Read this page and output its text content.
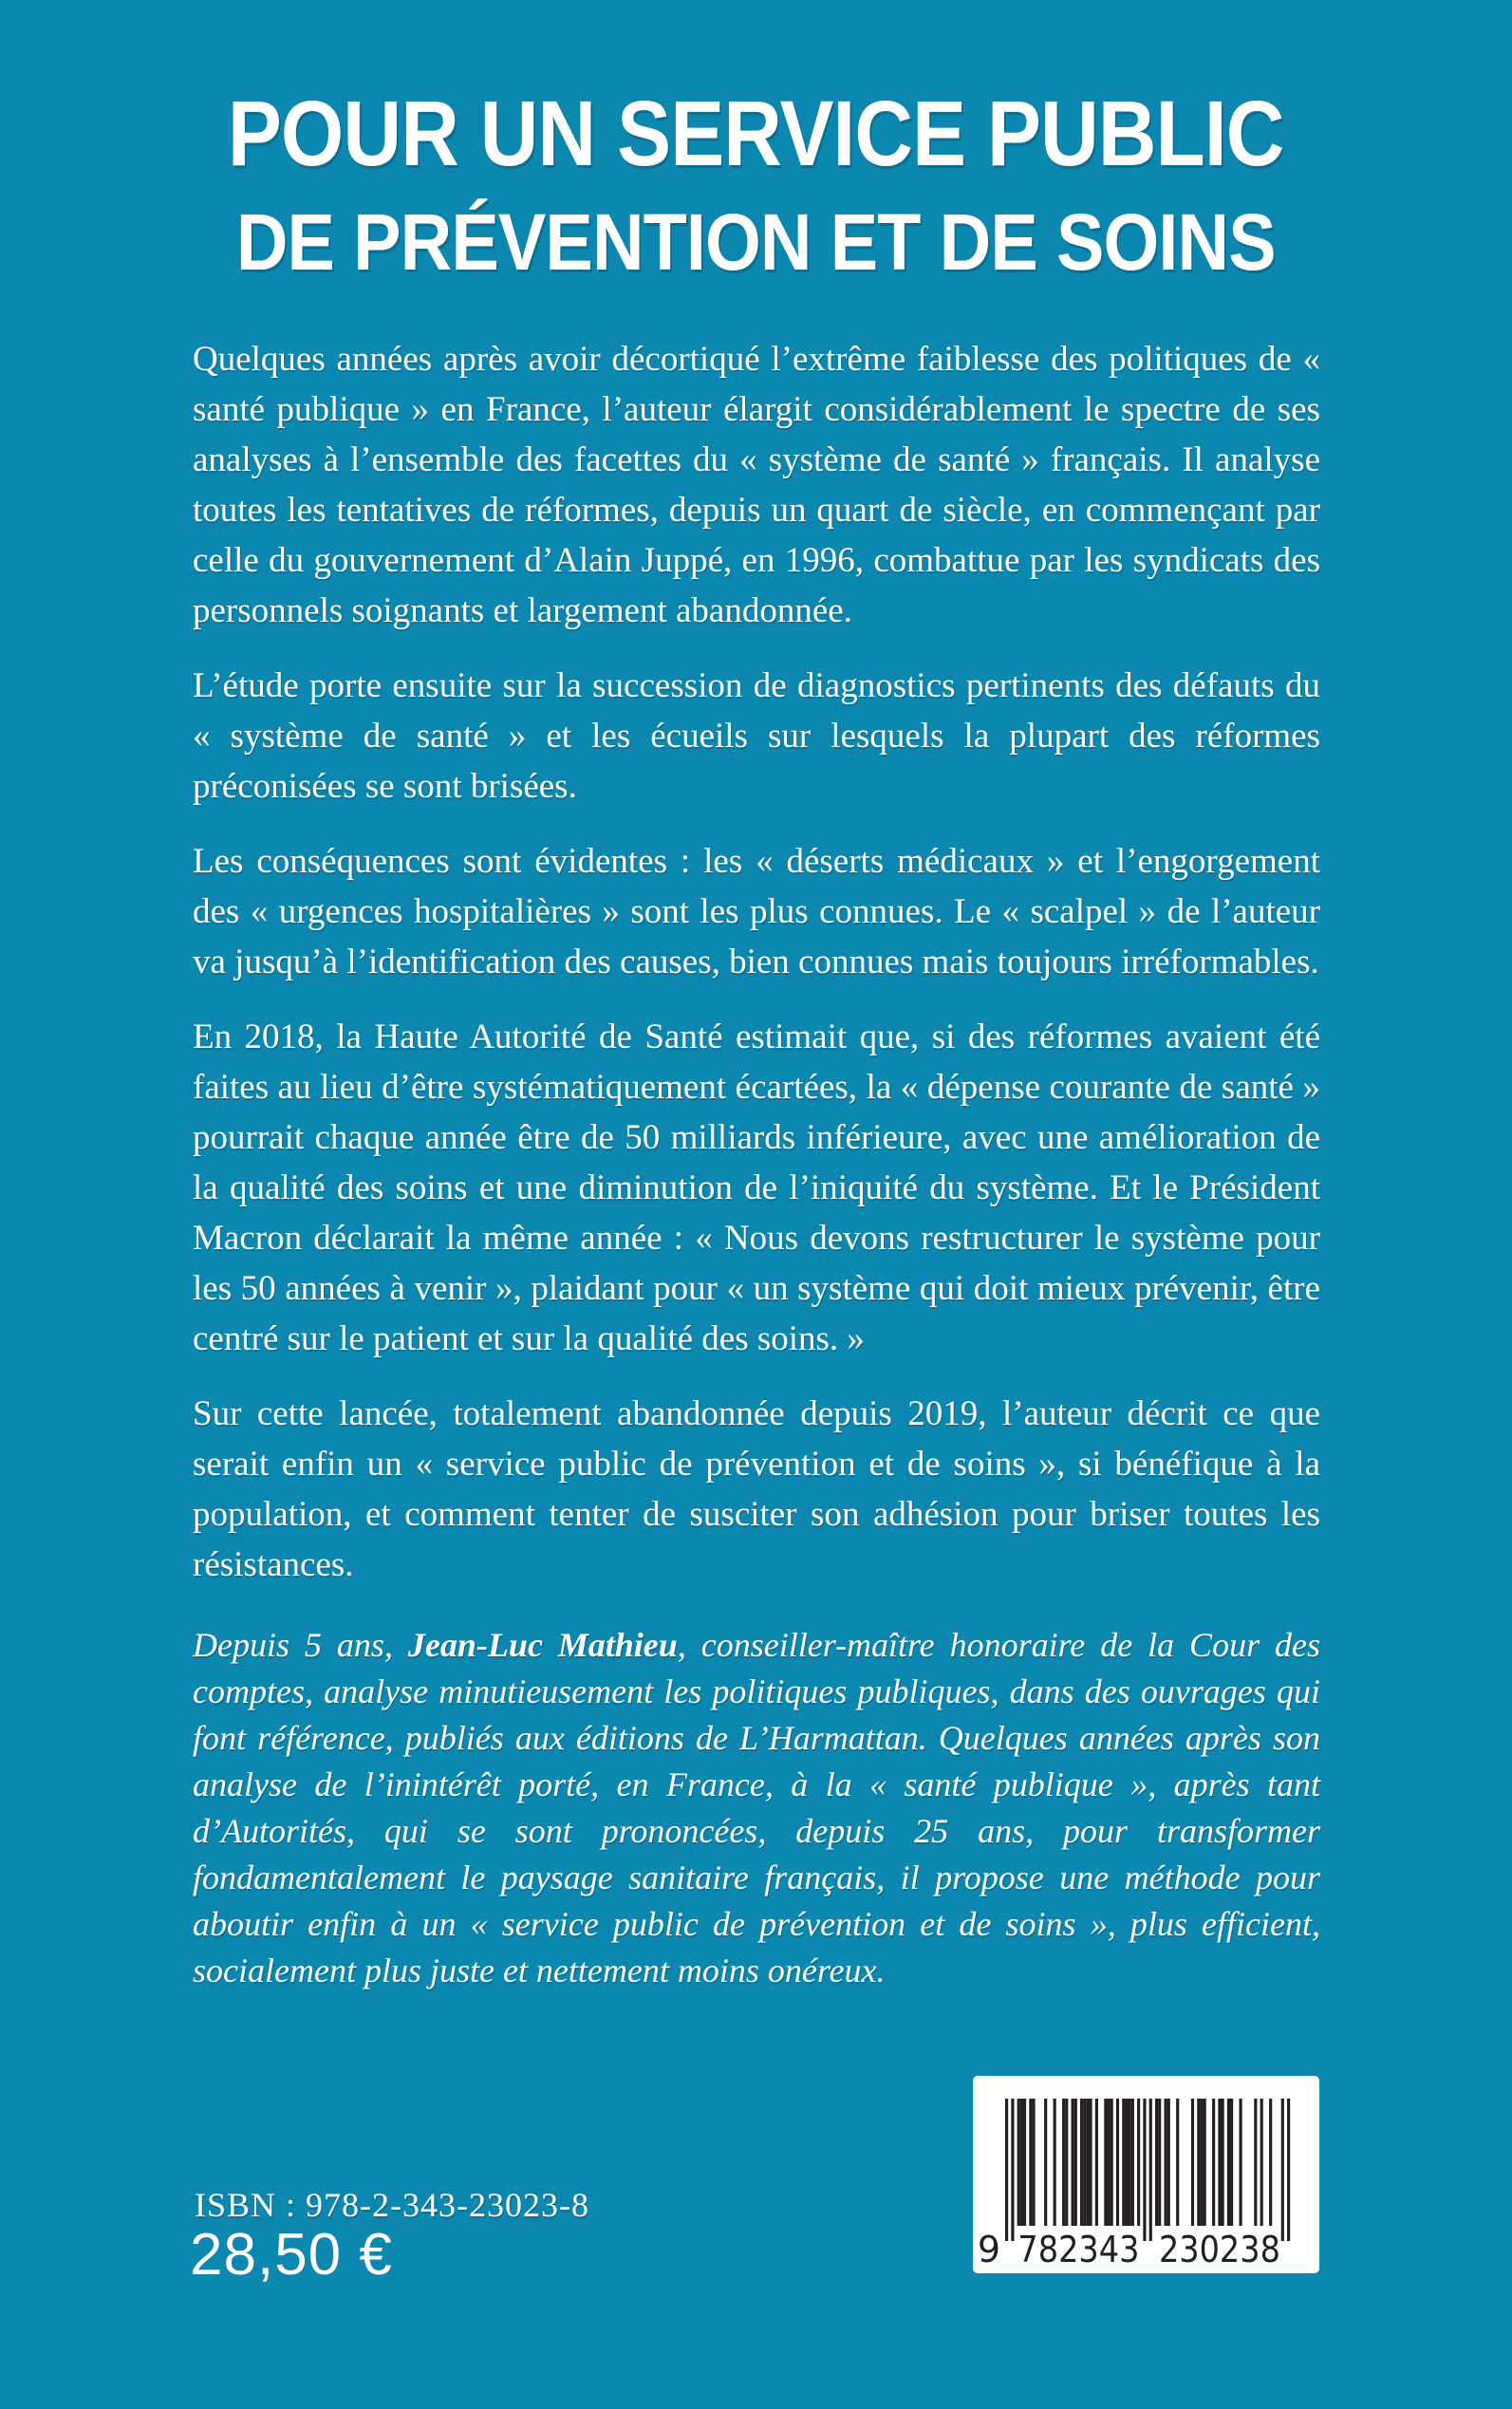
POUR UN SERVICE PUBLIC
DE PRÉVENTION ET DE SOINS

Quelques années après avoir décortiqué l’extrême faiblesse des politiques de « santé publique » en France, l’auteur élargit considérablement le spectre de ses analyses à l’ensemble des facettes du « système de santé » français. Il analyse toutes les tentatives de réformes, depuis un quart de siècle, en commençant par celle du gouvernement d’Alain Juppé, en 1996, combattue par les syndicats des personnels soignants et largement abandonnée.

L’étude porte ensuite sur la succession de diagnostics pertinents des défauts du « système de santé » et les écueils sur lesquels la plupart des réformes préconisées se sont brisées.

Les conséquences sont évidentes : les « déserts médicaux » et l’engorgement des « urgences hospitalières » sont les plus connues. Le « scalpel » de l’auteur va jusqu’à l’identification des causes, bien connues mais toujours irréformables.

En 2018, la Haute Autorité de Santé estimait que, si des réformes avaient été faites au lieu d’être systématiquement écartées, la « dépense courante de santé » pourrait chaque année être de 50 milliards inférieure, avec une amélioration de la qualité des soins et une diminution de l’iniquité du système. Et le Président Macron déclarait la même année : « Nous devons restructurer le système pour les 50 années à venir », plaidant pour « un système qui doit mieux prévenir, être centré sur le patient et sur la qualité des soins. »

Sur cette lancée, totalement abandonnée depuis 2019, l’auteur décrit ce que serait enfin un « service public de prévention et de soins », si bénéfique à la population, et comment tenter de susciter son adhésion pour briser toutes les résistances.

Depuis 5 ans, Jean-Luc Mathieu, conseiller-maître honoraire de la Cour des comptes, analyse minutieusement les politiques publiques, dans des ouvrages qui font référence, publiés aux éditions de L’Harmattan. Quelques années après son analyse de l’inintérêt porté, en France, à la « santé publique », après tant d’Autorités, qui se sont prononcées, depuis 25 ans, pour transformer fondamentalement le paysage sanitaire français, il propose une méthode pour aboutir enfin à un « service public de prévention et de soins », plus efficient, socialement plus juste et nettement moins onéreux.

ISBN : 978-2-343-23023-8
28,50 €	9 782343 230238
